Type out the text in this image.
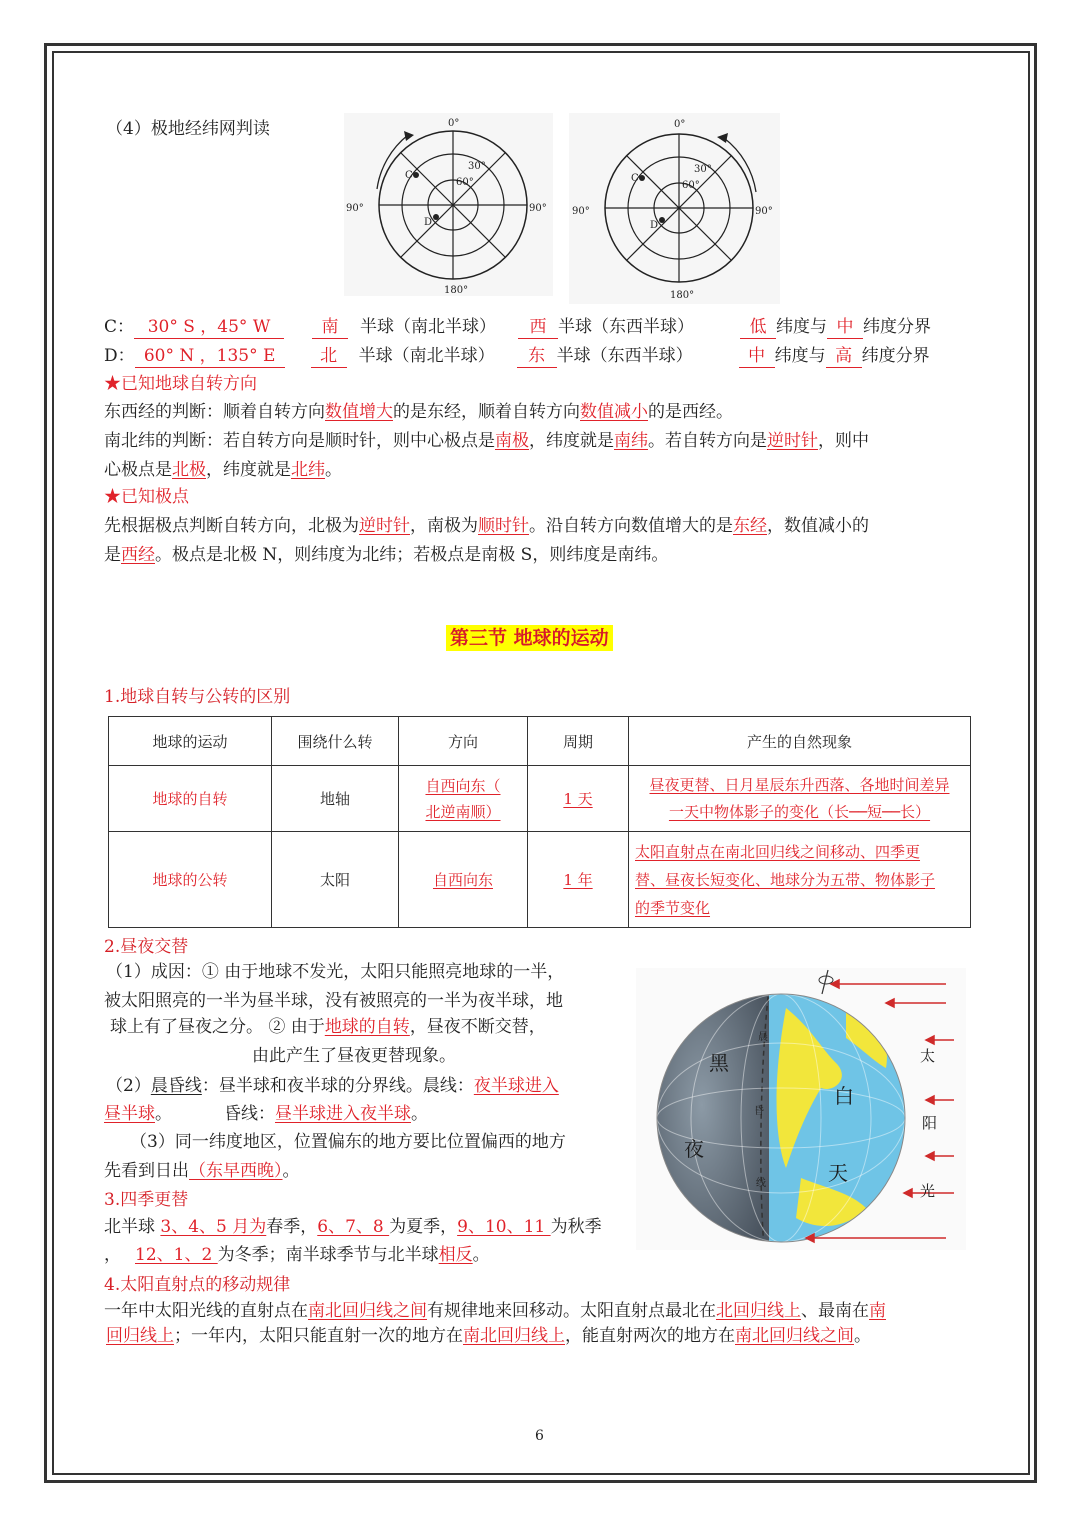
（4）极地经纬网判读	0°
180°
90°	90°
30°
60°
C
D
0°
180°
90°	90°
30°
60°
C
D
C： 30° S ，45° W	南 半球（南北半球） 西 半球（东西半球）	低 纬度与 中 纬度分界
D： 60° N ，135° E	北 半球（南北半球） 东 半球（东西半球）	中 纬度与 高 纬度分界
★已知地球自转方向
东西经的判断：顺着自转方向数值增大的是东经，顺着自转方向数值减小的是西经。
南北纬的判断：若自转方向是顺时针，则中心极点是南极，纬度就是南纬。若自转方向是逆时针，则中
心极点是北极，纬度就是北纬。
★已知极点
先根据极点判断自转方向，北极为逆时针，南极为顺时针。沿自转方向数值增大的是东经，数值减小的
是西经。极点是北极 N，则纬度为北纬；若极点是南极 S，则纬度是南纬。
第三节 地球的运动
1.地球自转与公转的区别
地球的运动	围绕什么转	方向	周期	产生的自然现象
地球的自转	地轴	自西向东（
北逆南顺）	1 天	昼夜更替、日月星辰东升西落、各地时间差异
一天中物体影子的变化（长──短──长）
地球的公转	太阳	自西向东	1 年	太阳直射点在南北回归线之间移动、四季更
替、昼夜长短变化、地球分为五带、物体影子
的季节变化
2.昼夜交替
（1）成因：① 由于地球不发光，太阳只能照亮地球的一半，
被太阳照亮的一半为昼半球，没有被照亮的一半为夜半球，地
球上有了昼夜之分。 ② 由于地球的自转，昼夜不断交替，
由此产生了昼夜更替现象。
（2）晨昏线：昼半球和夜半球的分界线。晨线：夜半球进入
昼半球。	昏线：昼半球进入夜半球。
（3）同一纬度地区，位置偏东的地方要比位置偏西的地方
先看到日出（东早西晚）。
黑
夜
白
天
太
阳
光
晨
昏
线
3.四季更替
北半球 3、4、5 月为春季，6、7、8 为夏季，9、10、11 为秋季
， 12、1、2 为冬季；南半球季节与北半球相反。
4.太阳直射点的移动规律
一年中太阳光线的直射点在南北回归线之间有规律地来回移动。太阳直射点最北在北回归线上、最南在南
回归线上；一年内，太阳只能直射一次的地方在南北回归线上，能直射两次的地方在南北回归线之间。
6
